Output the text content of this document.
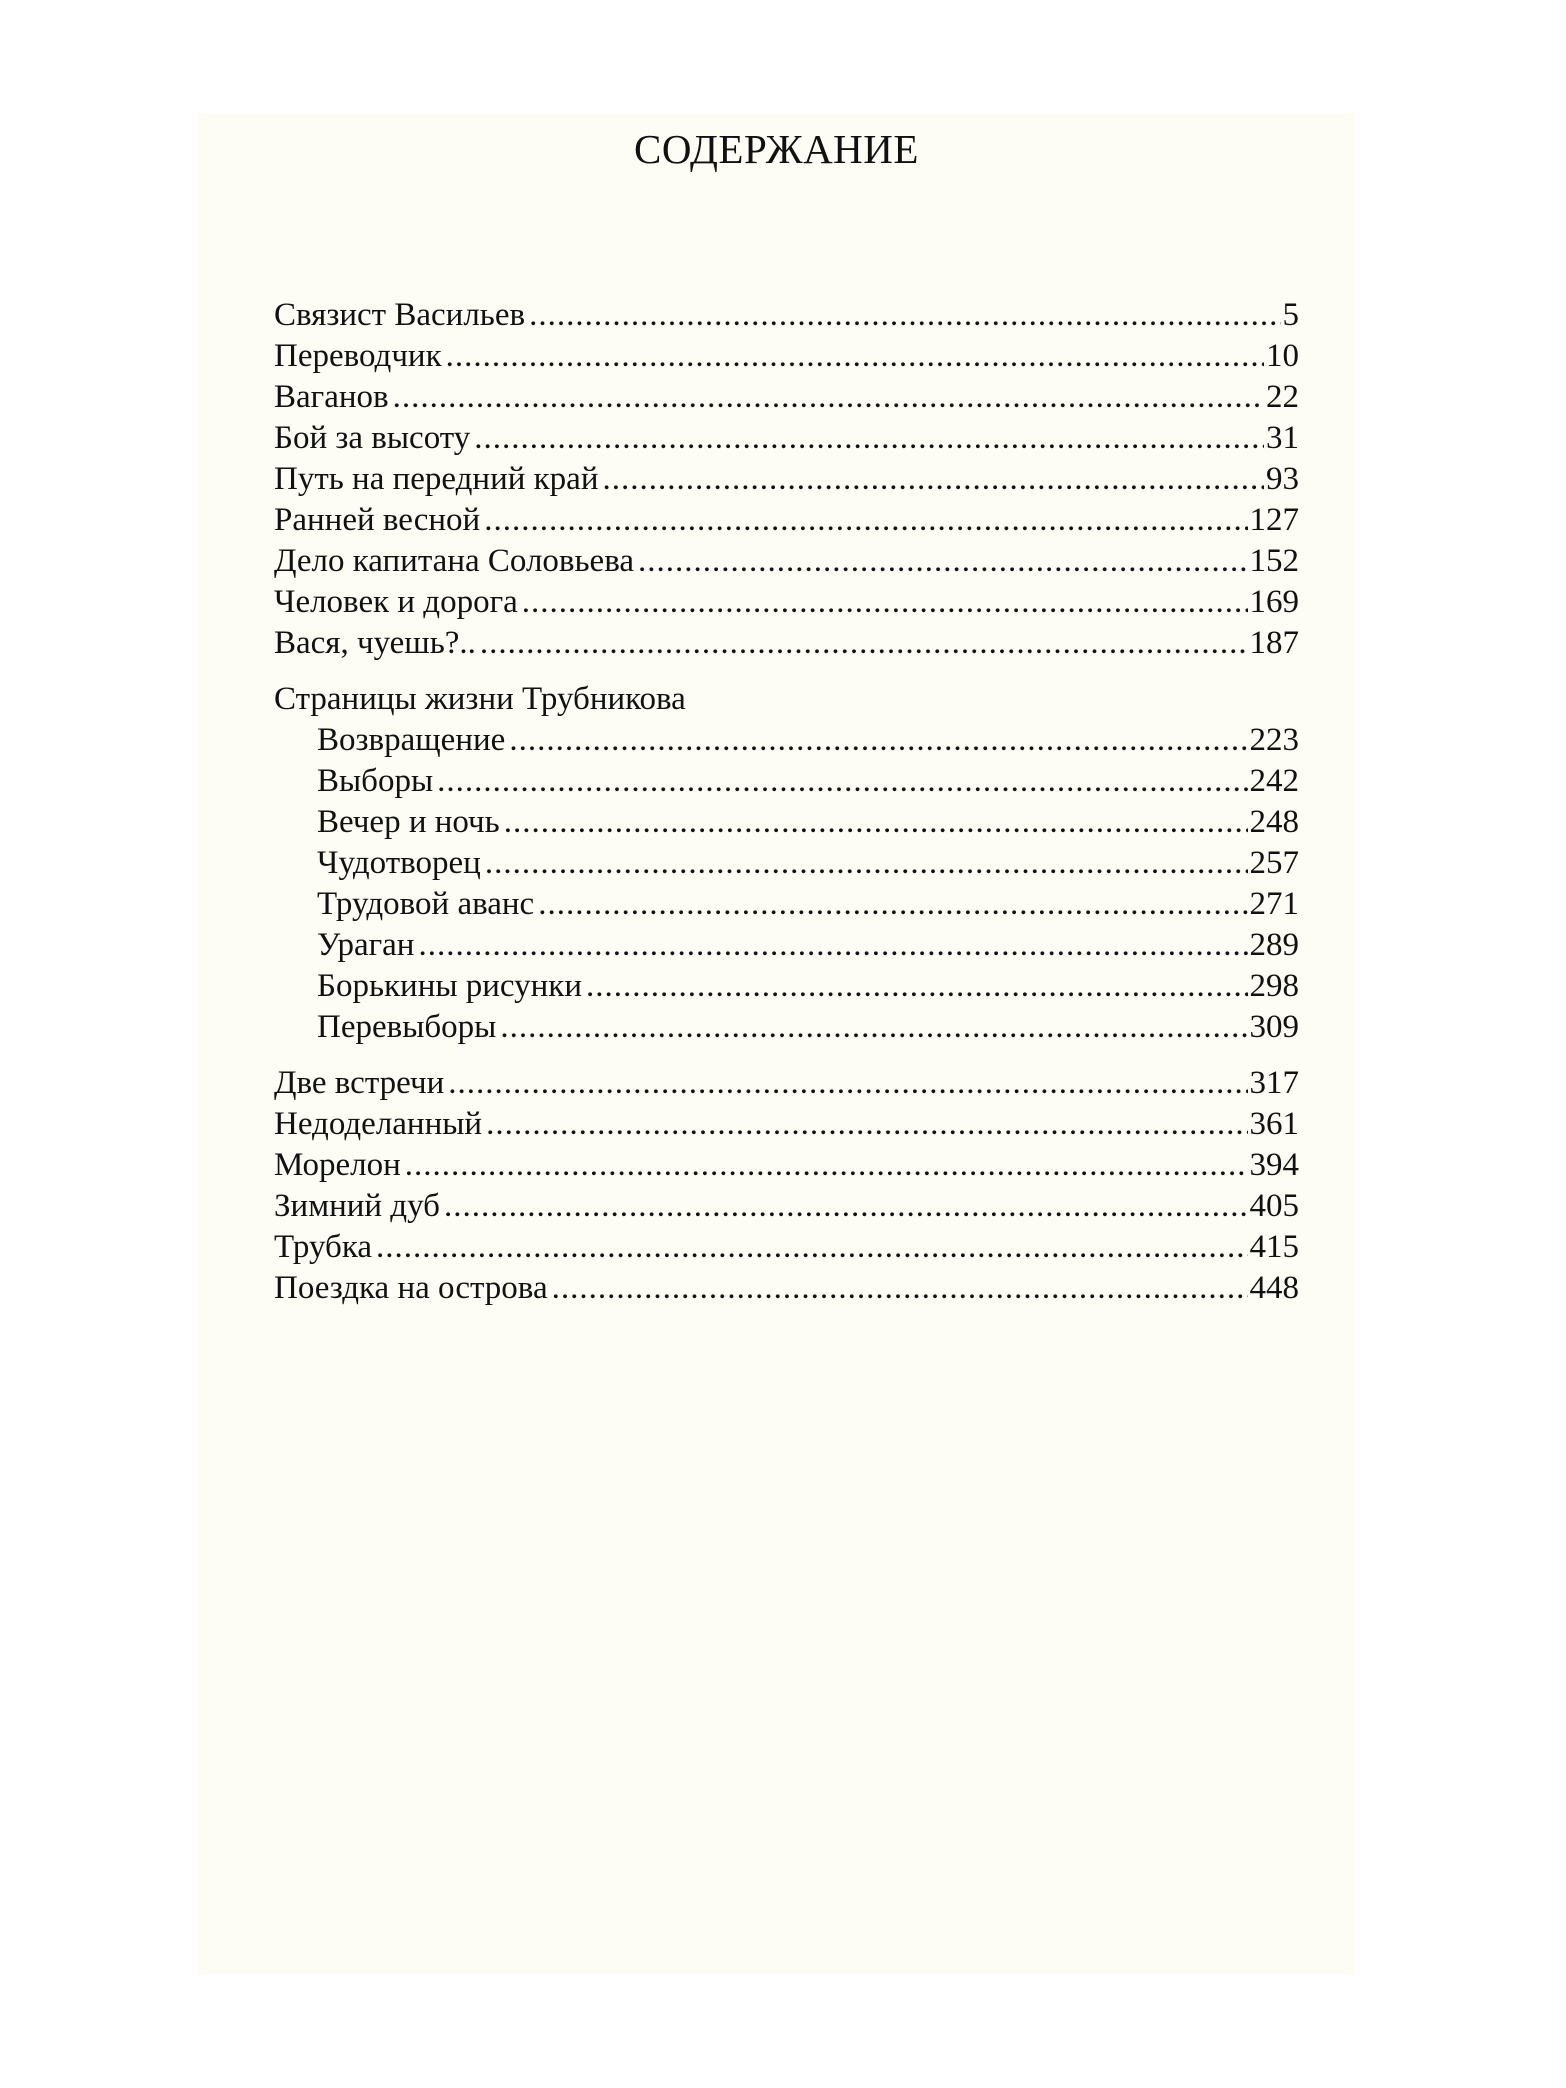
СОДЕРЖАНИЕ
Связист Васильев .....	5
Переводчик .....	10
Ваганов .....	22
Бой за высоту .....	31
Путь на передний край .....	93
Ранней весной .....	127
Дело капитана Соловьева .....	152
Человек и дорога .....	169
Вася, чуешь?.. .....	187
Страницы жизни Трубникова
Возвращение .....	223
Выборы .....	242
Вечер и ночь .....	248
Чудотворец .....	257
Трудовой аванс .....	271
Ураган .....	289
Борькины рисунки .....	298
Перевыборы .....	309
Две встречи .....	317
Недоделанный .....	361
Морелон .....	394
Зимний дуб .....	405
Трубка .....	415
Поездка на острова .....	448
